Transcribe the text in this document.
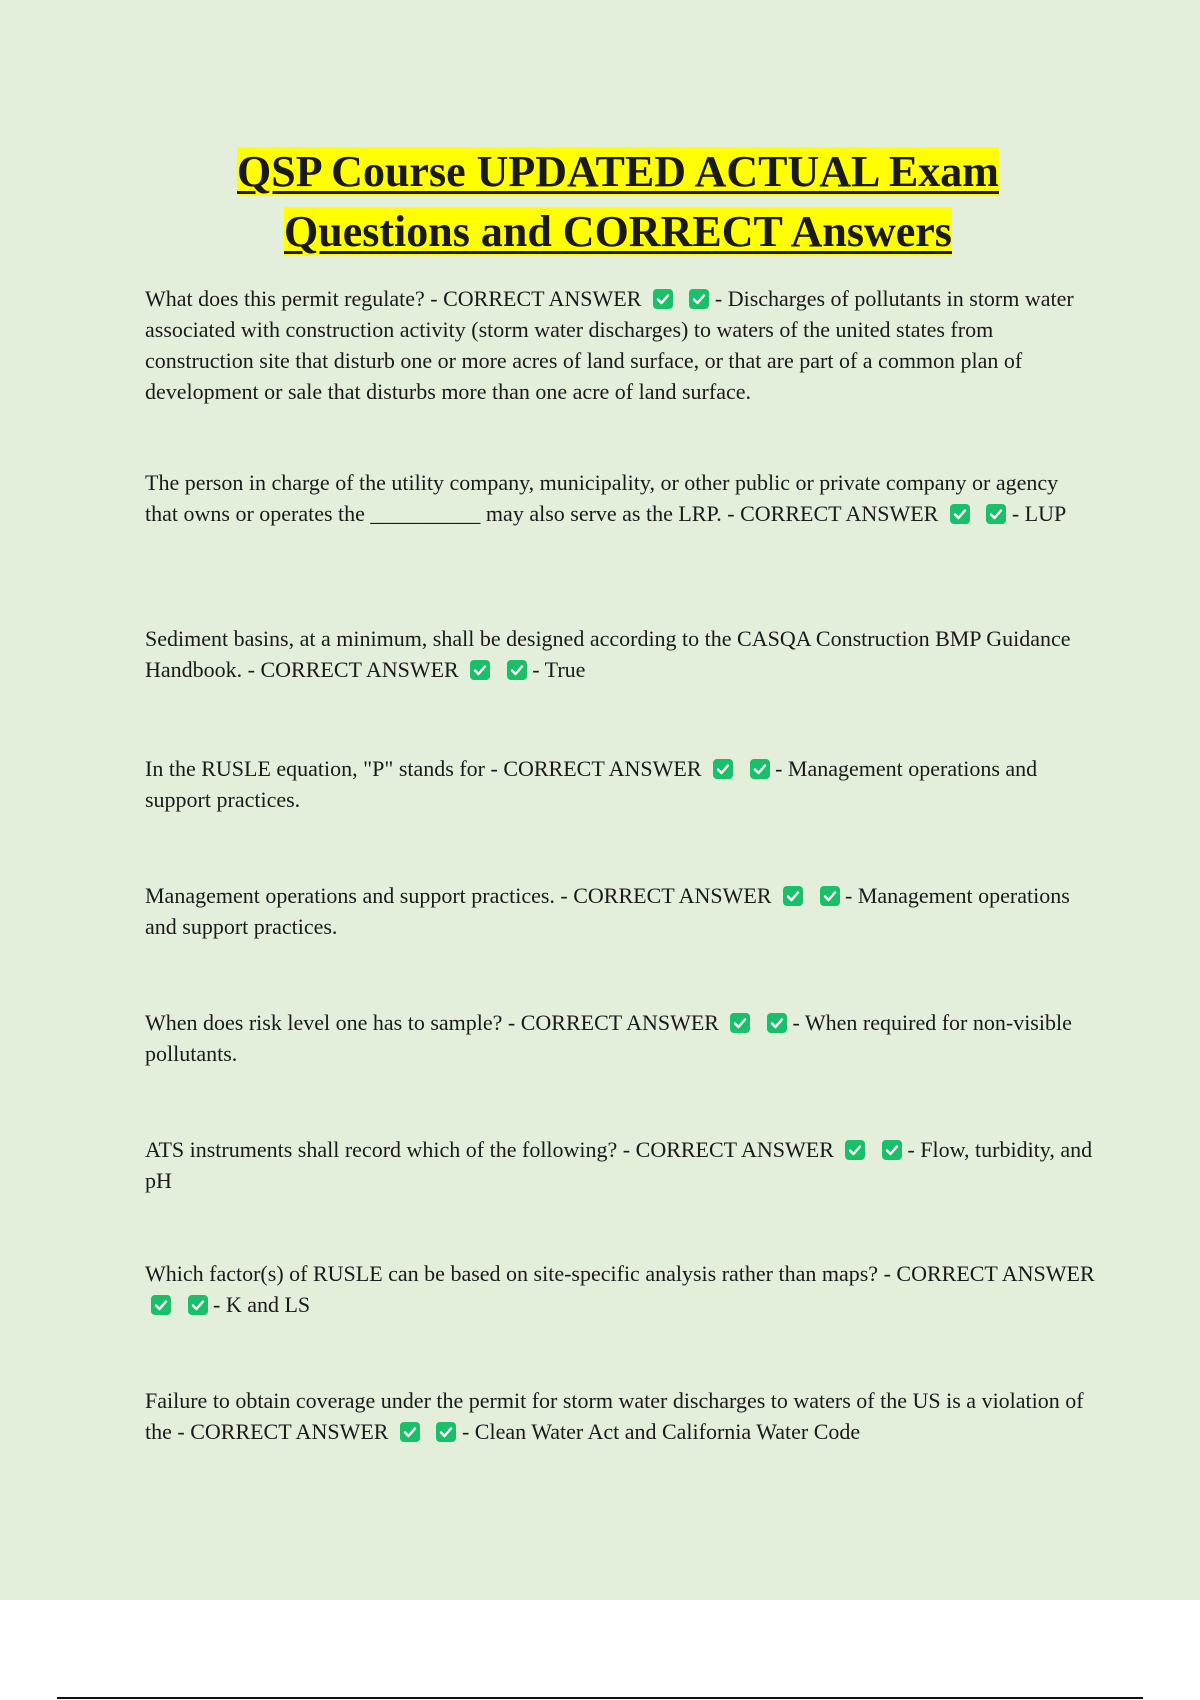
QSP Course UPDATED ACTUAL Exam
Questions and CORRECT Answers

What does this permit regulate? - CORRECT ANSWER
	- Discharges of pollutants in storm water associated with construction activity (storm water discharges) to waters of the united states from construction site that disturb one or more acres of land surface, or that are part of a common plan of development or sale that disturbs more than one acre of land surface.

The person in charge of the utility company, municipality, or other public or private company or agency that owns or operates the __________ may also serve as the LRP. - CORRECT ANSWER
	- LUP

Sediment basins, at a minimum, shall be designed according to the CASQA Construction BMP Guidance Handbook. - CORRECT ANSWER
	- True

In the RUSLE equation, "P" stands for - CORRECT ANSWER
	- Management operations and support practices.

Management operations and support practices. - CORRECT ANSWER
	- Management operations and support practices.

When does risk level one has to sample? - CORRECT ANSWER
	- When required for non-visible pollutants.

ATS instruments shall record which of the following? - CORRECT ANSWER
	- Flow, turbidity, and pH

Which factor(s) of RUSLE can be based on site-specific analysis rather than maps? - CORRECT ANSWER

- K and LS

Failure to obtain coverage under the permit for storm water discharges to waters of the US is a violation of the - CORRECT ANSWER
	- Clean Water Act and California Water Code
